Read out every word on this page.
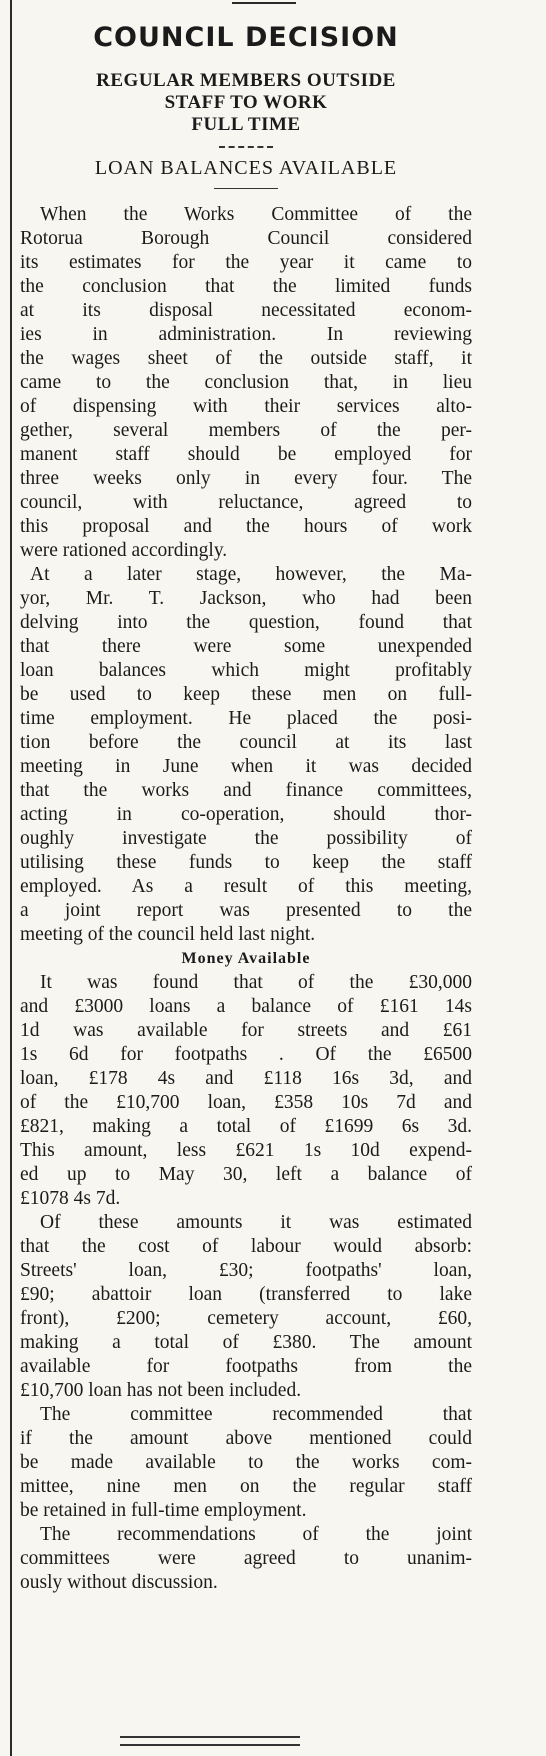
COUNCIL DECISION
REGULAR MEMBERS OUTSIDE
STAFF TO WORK
FULL TIME
LOAN BALANCES AVAILABLE
When the Works Committee of the
Rotorua Borough Council considered
its estimates for the year it came to
the conclusion that the limited funds
at its disposal necessitated econom-
ies in administration. In reviewing
the wages sheet of the outside staff, it
came to the conclusion that, in lieu
of dispensing with their services alto-
gether, several members of the per-
manent staff should be employed for
three weeks only in every four. The
council, with reluctance, agreed to
this proposal and the hours of work
were rationed accordingly.
At a later stage, however, the Ma-
yor, Mr. T. Jackson, who had been
delving into the question, found that
that there were some unexpended
loan balances which might profitably
be used to keep these men on full-
time employment. He placed the posi-
tion before the council at its last
meeting in June when it was decided
that the works and finance committees,
acting in co-operation, should thor-
oughly investigate the possibility of
utilising these funds to keep the staff
employed. As a result of this meeting,
a joint report was presented to the
meeting of the council held last night.
Money Available
It was found that of the £30,000
and £3000 loans a balance of £161 14s
1d was available for streets and £61
1s 6d for footpaths . Of the £6500
loan, £178 4s and £118 16s 3d, and
of the £10,700 loan, £358 10s 7d and
£821, making a total of £1699 6s 3d.
This amount, less £621 1s 10d expend-
ed up to May 30, left a balance of
£1078 4s 7d.
Of these amounts it was estimated
that the cost of labour would absorb:
Streets' loan, £30; footpaths' loan,
£90; abattoir loan (transferred to lake
front), £200; cemetery account, £60,
making a total of £380. The amount
available for footpaths from the
£10,700 loan has not been included.
The committee recommended that
if the amount above mentioned could
be made available to the works com-
mittee, nine men on the regular staff
be retained in full-time employment.
The recommendations of the joint
committees were agreed to unanim-
ously without discussion.
